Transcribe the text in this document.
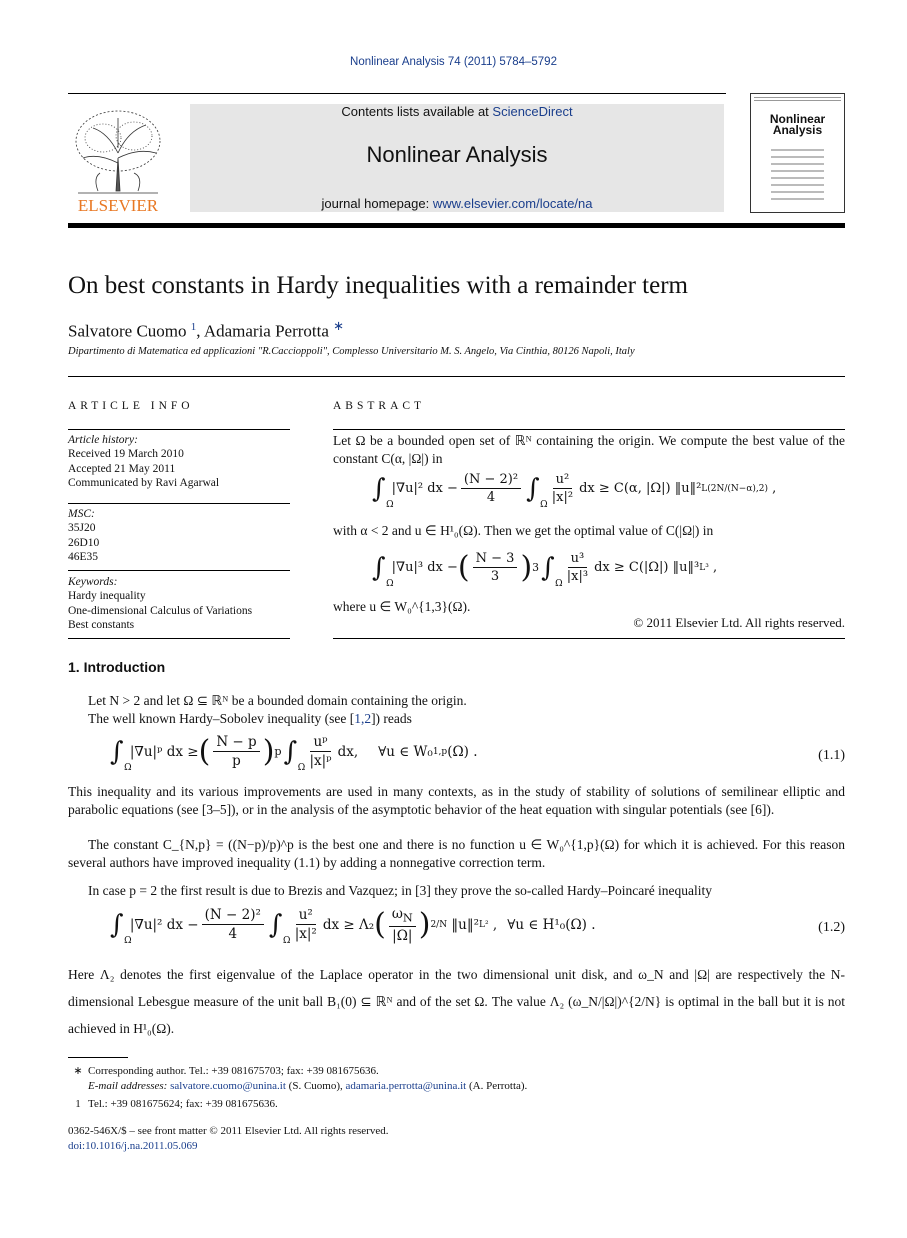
Nonlinear Analysis 74 (2011) 5784–5792
ELSEVIER
Contents lists available at ScienceDirect
Nonlinear Analysis
journal homepage: www.elsevier.com/locate/na
Nonlinear Analysis
On best constants in Hardy inequalities with a remainder term
Salvatore Cuomo $^1$, Adamaria Perrotta ∗
Dipartimento di Matematica ed applicazioni "R.Caccioppoli", Complesso Universitario M. S. Angelo, Via Cinthia, 80126 Napoli, Italy
ARTICLE INFO	ABSTRACT
Article history:
Received 19 March 2010
Accepted 21 May 2011
Communicated by Ravi Agarwal
MSC:
35J20
26D10
46E35
Keywords:
Hardy inequality
One-dimensional Calculus of Variations
Best constants
Let Ω be a bounded open set of ℝᴺ containing the origin. We compute the best value of the constant C(α, |Ω|) in
∫
Ω
|∇u|² dx − $\frac{\text{(N − 2)²}}{4}$ ∫
Ω
$\frac{\text{u²}}{\text{|x|²}}$ dx ≥ C(α, |Ω|) ‖u‖² L(2N/(N−α),2) ,
with α < 2 and u ∈ H¹₀(Ω). Then we get the optimal value of C(|Ω|) in
∫
Ω
|∇u|³ dx − ( $\frac{N - 3}{3}$ ) 3 ∫
Ω
$\frac{\text{u³}}{\text{|x|³}}$ dx ≥ C(|Ω|) ‖u‖³ L³ ,
where u ∈ W₀^{1,3}(Ω).
© 2011 Elsevier Ltd. All rights reserved.
1. Introduction
Let N > 2 and let Ω ⊆ ℝᴺ be a bounded domain containing the origin.
The well known Hardy–Sobolev inequality (see [1,2]) reads
∫
Ω
|∇u|ᵖ dx ≥ ( $\frac{N - p}{p}$ ) p ∫
Ω
$\frac{\text{uᵖ}}{\text{|x|ᵖ}}$ dx, ∀u ∈ W₀ 1,p (Ω) .	(1.1)
This inequality and its various improvements are used in many contexts, as in the study of stability of solutions of semilinear elliptic and parabolic equations (see [3–5]), or in the analysis of the asymptotic behavior of the heat equation with singular potentials (see [6]).
The constant C_{N,p} = ((N−p)/p)^p is the best one and there is no function u ∈ W₀^{1,p}(Ω) for which it is achieved. For this reason several authors have improved inequality (1.1) by adding a nonnegative correction term.
In case p = 2 the first result is due to Brezis and Vazquez; in [3] they prove the so-called Hardy–Poincaré inequality
∫
Ω
|∇u|² dx − $\frac{\text{(N − 2)²}}{4}$ ∫
Ω
$\frac{\text{u²}}{\text{|x|²}}$ dx ≥ Λ₂ ( $\frac{\omega_N}{|\Omega|}$ ) 2/N ‖u‖² L² , ∀u ∈ H¹₀(Ω) .	(1.2)
Here Λ₂ denotes the first eigenvalue of the Laplace operator in the two dimensional unit disk, and ω_N and |Ω| are respectively the N-dimensional Lebesgue measure of the unit ball B₁(0) ⊆ ℝᴺ and of the set Ω. The value Λ₂ (ω_N/|Ω|)^{2/N} is optimal in the ball but it is not achieved in H¹₀(Ω).
∗ Corresponding author. Tel.: +39 081675703; fax: +39 081675636.
E-mail addresses: salvatore.cuomo@unina.it (S. Cuomo), adamaria.perrotta@unina.it (A. Perrotta).
1 Tel.: +39 081675624; fax: +39 081675636.
0362-546X/$ – see front matter © 2011 Elsevier Ltd. All rights reserved.
doi:10.1016/j.na.2011.05.069
